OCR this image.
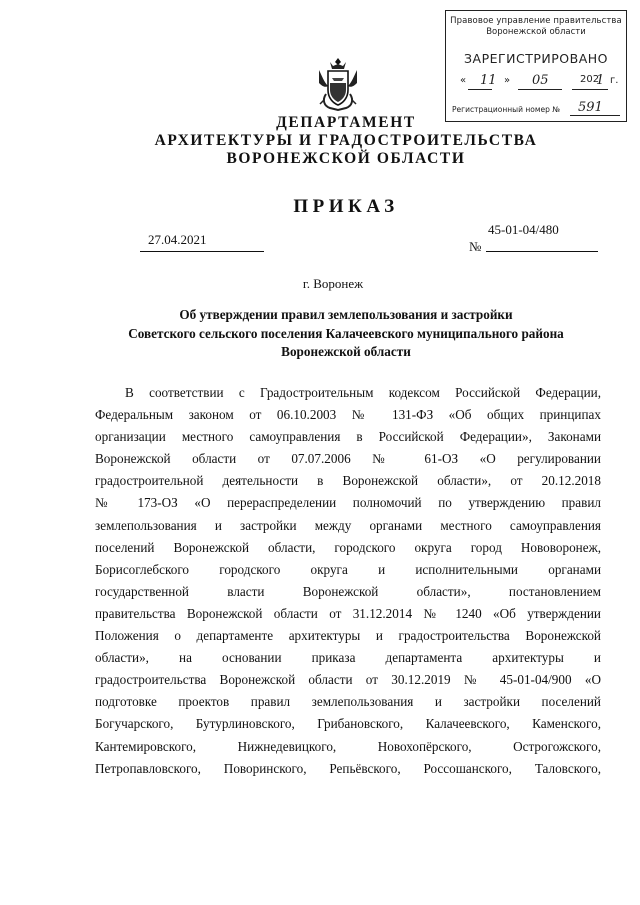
Правовое управление правительства
Воронежской области
ЗАРЕГИСТРИРОВАНО
« 11 » 05	202
1 г.
Регистрационный номер № 591
ДЕПАРТАМЕНТ
АРХИТЕКТУРЫ И ГРАДОСТРОИТЕЛЬСТВА
ВОРОНЕЖСКОЙ ОБЛАСТИ
ПРИКАЗ
27.04.2021	№
45-01-04/480
г. Воронеж
Об утверждении правил землепользования и застройки
Советского сельского поселения Калачеевского муниципального района
Воронежской области
В соответствии с Градостроительным кодексом Российской Федерации,
Федеральным законом от 06.10.2003 № 131-ФЗ «Об общих принципах
организации местного самоуправления в Российской Федерации», Законами
Воронежской области от 07.07.2006 № 61-ОЗ «О регулировании
градостроительной деятельности в Воронежской области», от 20.12.2018
№ 173-ОЗ «О перераспределении полномочий по утверждению правил
землепользования и застройки между органами местного самоуправления
поселений Воронежской области, городского округа город Нововоронеж,
Борисоглебского городского округа и исполнительными органами
государственной власти Воронежской области», постановлением
правительства Воронежской области от 31.12.2014 № 1240 «Об утверждении
Положения о департаменте архитектуры и градостроительства Воронежской
области», на основании приказа департамента архитектуры и
градостроительства Воронежской области от 30.12.2019 № 45-01-04/900 «О
подготовке проектов правил землепользования и застройки поселений
Богучарского, Бутурлиновского, Грибановского, Калачеевского, Каменского,
Кантемировского, Нижнедевицкого, Новохопёрского, Острогожского,
Петропавловского, Поворинского, Репьёвского, Россошанского, Таловского,
